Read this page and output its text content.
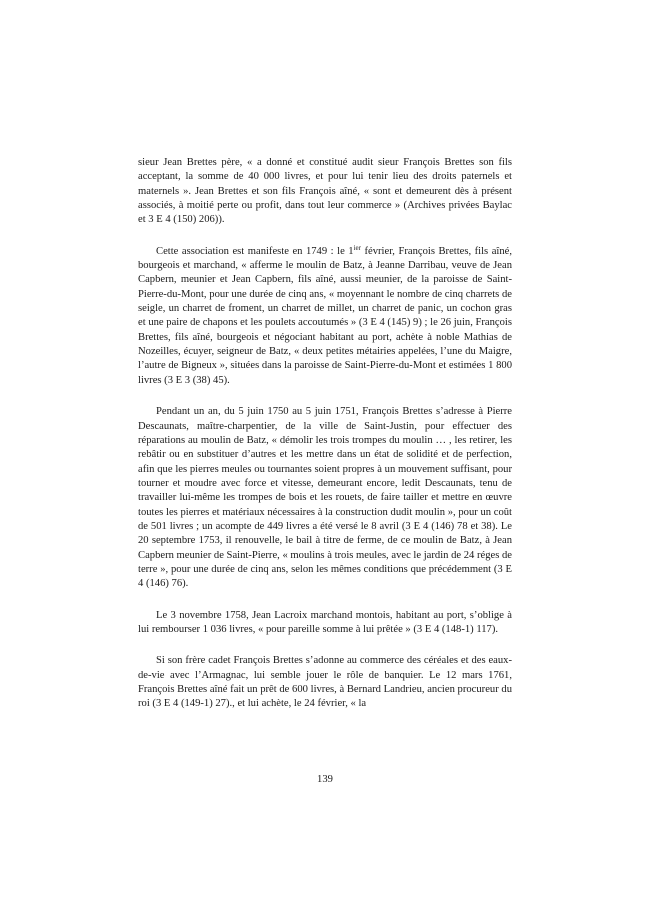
sieur Jean Brettes père, « a donné et constitué audit sieur François Brettes son fils acceptant, la somme de 40 000 livres, et pour lui tenir lieu des droits paternels et maternels ». Jean Brettes et son fils François aîné, « sont et demeurent dès à présent associés, à moitié perte ou profit, dans tout leur commerce » (Archives privées Baylac et 3 E 4 (150) 206)).

Cette association est manifeste en 1749 : le $1^{ier}$ février, François Brettes, fils aîné, bourgeois et marchand, « afferme le moulin de Batz, à Jeanne Darribau, veuve de Jean Capbern, meunier et Jean Capbern, fils aîné, aussi meunier, de la paroisse de Saint-Pierre-du-Mont, pour une durée de cinq ans, « moyennant le nombre de cinq charrets de seigle, un charret de froment, un charret de millet, un charret de panic, un cochon gras et une paire de chapons et les poulets accoutumés » (3 E 4 (145) 9) ; le 26 juin, François Brettes, fils aîné, bourgeois et négociant habitant au port, achète à noble Mathias de Nozeilles, écuyer, seigneur de Batz, « deux petites métairies appelées, l’une du Maigre, l’autre de Bigneux », situées dans la paroisse de Saint-Pierre-du-Mont et estimées 1 800 livres (3 E 3 (38) 45).

Pendant un an, du 5 juin 1750 au 5 juin 1751, François Brettes s’adresse à Pierre Descaunats, maître-charpentier, de la ville de Saint-Justin, pour effectuer des réparations au moulin de Batz, « démolir les trois trompes du moulin … , les retirer, les rebâtir ou en substituer d’autres et les mettre dans un état de solidité et de perfection, afin que les pierres meules ou tournantes soient propres à un mouvement suffisant, pour tourner et moudre avec force et vitesse, demeurant encore, ledit Descaunats, tenu de travailler lui-même les trompes de bois et les rouets, de faire tailler et mettre en œuvre toutes les pierres et matériaux nécessaires à la construction dudit moulin », pour un coût de 501 livres ; un acompte de 449 livres a été versé le 8 avril (3 E 4 (146) 78 et 38). Le 20 septembre 1753, il renouvelle, le bail à titre de ferme, de ce moulin de Batz, à Jean Capbern meunier de Saint-Pierre, « moulins à trois meules, avec le jardin de 24 réges de terre », pour une durée de cinq ans, selon les mêmes conditions que précédemment (3 E 4 (146) 76).

Le 3 novembre 1758, Jean Lacroix marchand montois, habitant au port, s’oblige à lui rembourser 1 036 livres, « pour pareille somme à lui prêtée » (3 E 4 (148-1) 117).

Si son frère cadet François Brettes s’adonne au commerce des céréales et des eaux-de-vie avec l’Armagnac, lui semble jouer le rôle de banquier. Le 12 mars 1761, François Brettes aîné fait un prêt de 600 livres, à Bernard Landrieu, ancien procureur du roi (3 E 4 (149-1) 27)., et lui achète, le 24 février, « la

139
